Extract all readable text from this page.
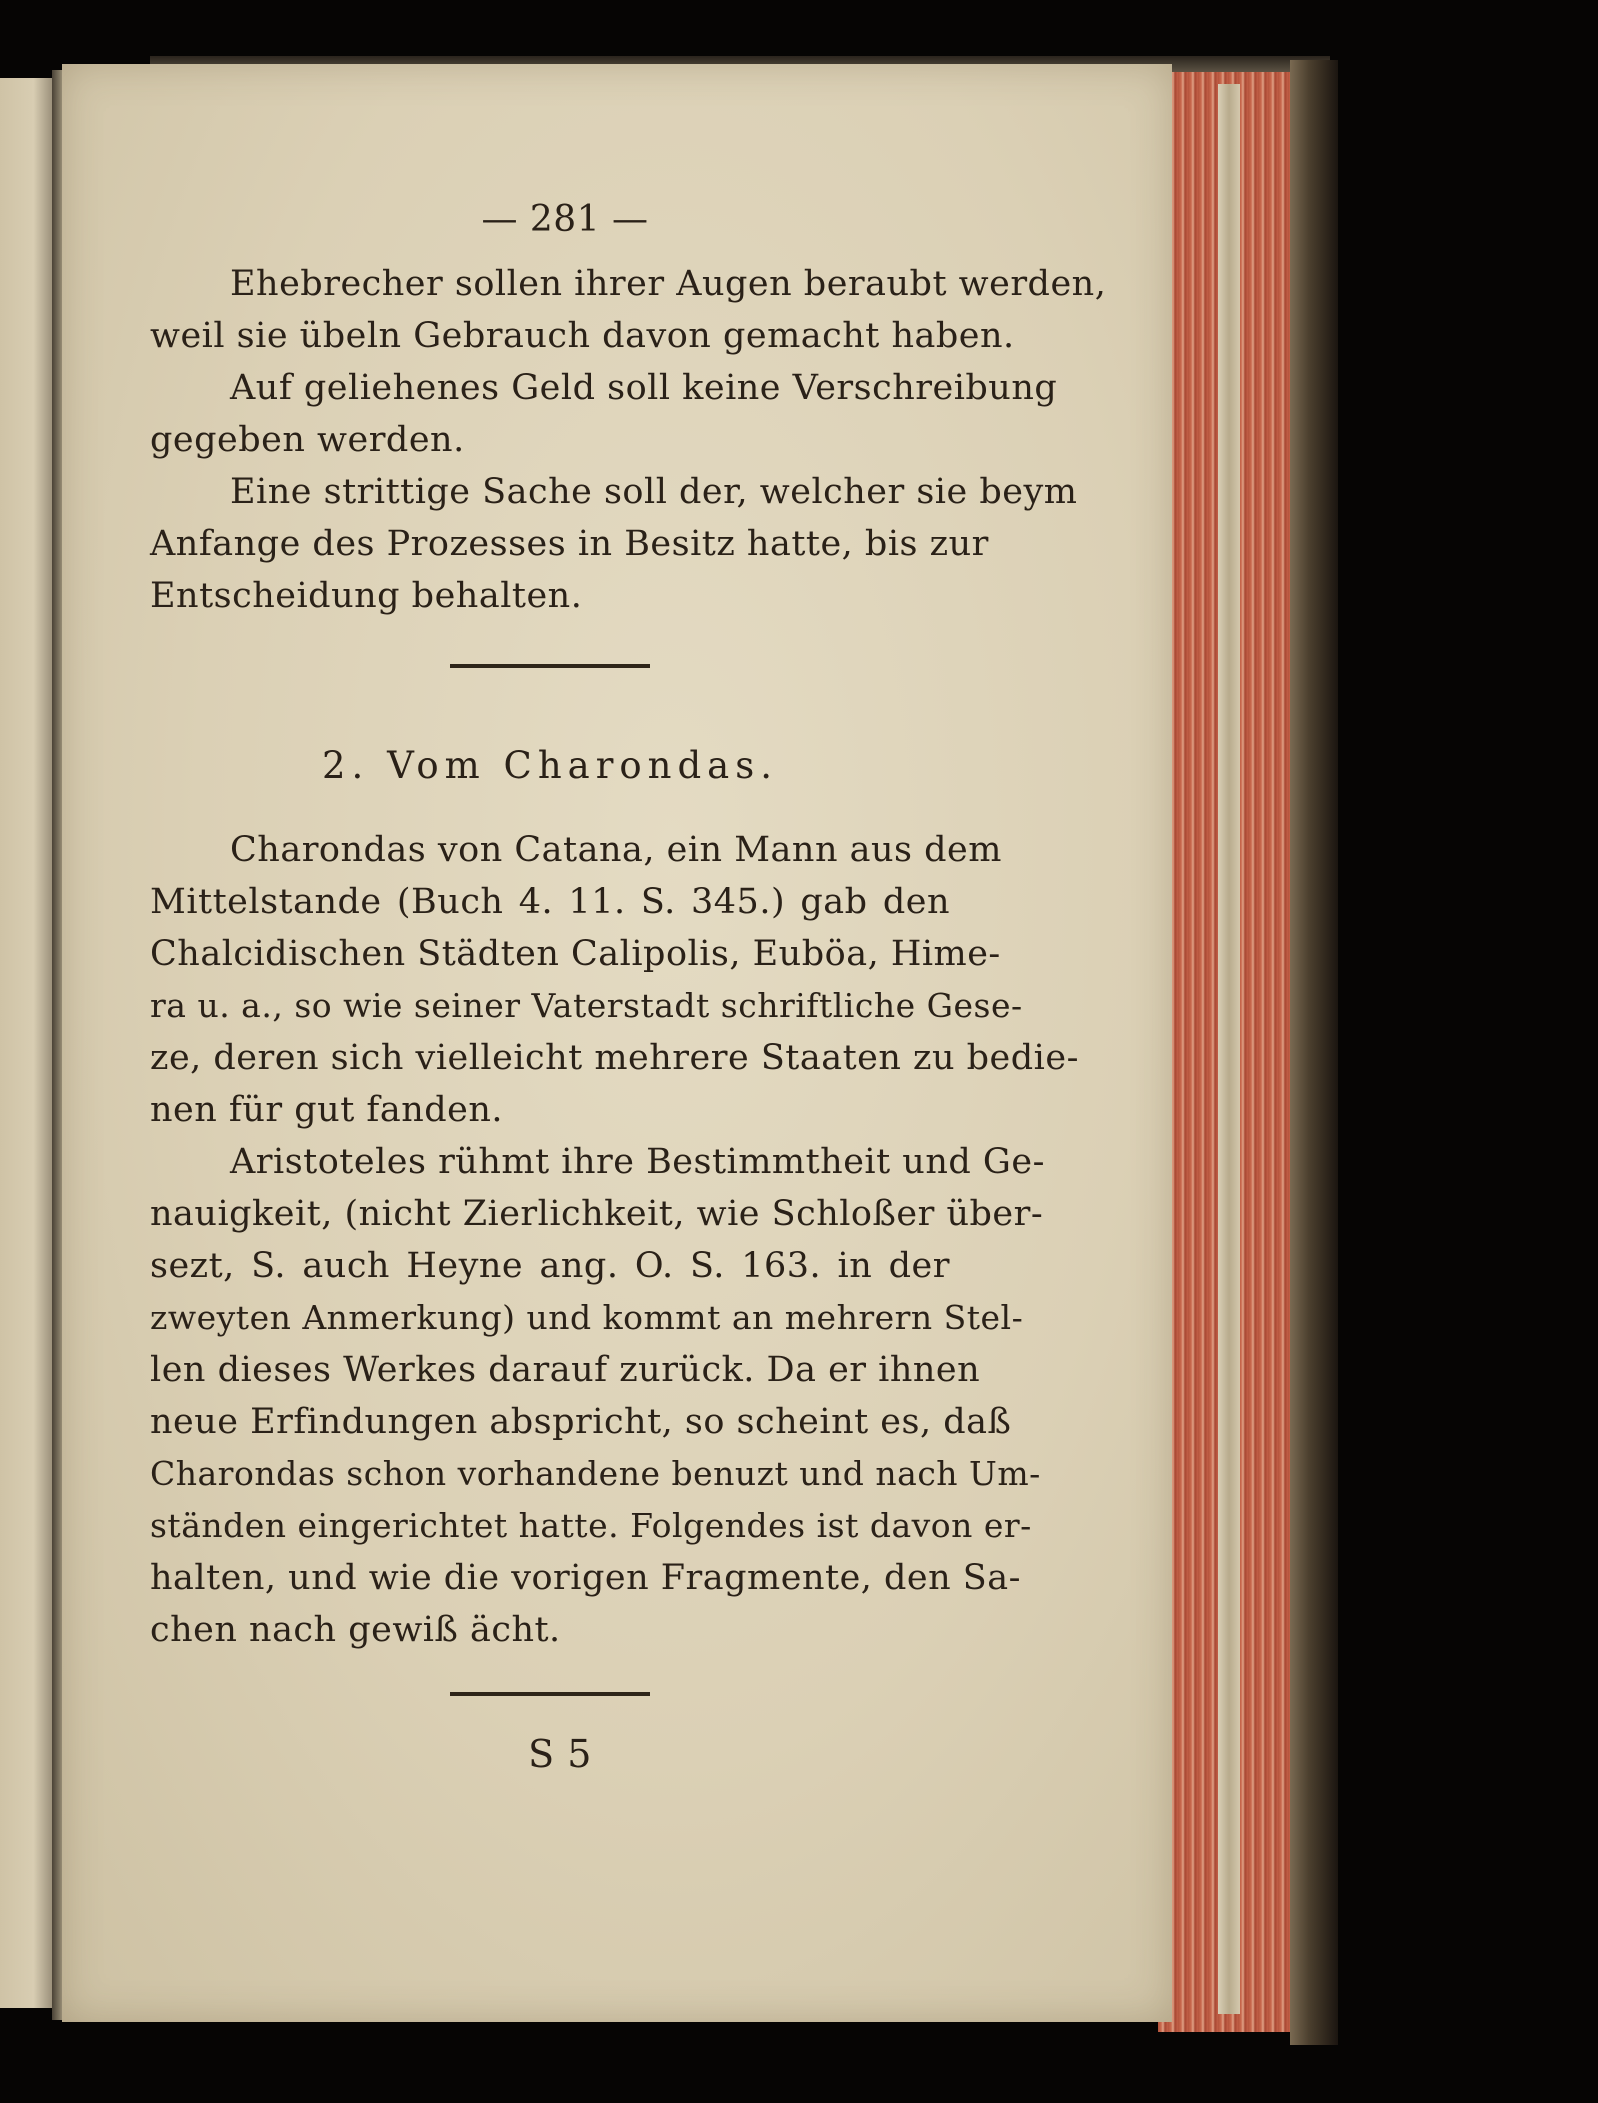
— 281 —
Ehebrecher sollen ihrer Augen beraubt werden,
weil sie übeln Gebrauch davon gemacht haben.
Auf geliehenes Geld soll keine Verschreibung
gegeben werden.
Eine strittige Sache soll der, welcher sie beym
Anfange des Prozesses in Besitz hatte, bis zur
Entscheidung behalten.
2. Vom Charondas.
Charondas von Catana, ein Mann aus dem
Mittelstande (Buch 4. 11. S. 345.) gab den
Chalcidischen Städten Calipolis, Euböa, Hime-
ra u. a., so wie seiner Vaterstadt schriftliche Gese-
ze, deren sich vielleicht mehrere Staaten zu bedie-
nen für gut fanden.
Aristoteles rühmt ihre Bestimmtheit und Ge-
nauigkeit, (nicht Zierlichkeit, wie Schloßer über-
sezt, S. auch Heyne ang. O. S. 163. in der
zweyten Anmerkung) und kommt an mehrern Stel-
len dieses Werkes darauf zurück. Da er ihnen
neue Erfindungen abspricht, so scheint es, daß
Charondas schon vorhandene benuzt und nach Um-
ständen eingerichtet hatte. Folgendes ist davon er-
halten, und wie die vorigen Fragmente, den Sa-
chen nach gewiß ächt.
S 5
